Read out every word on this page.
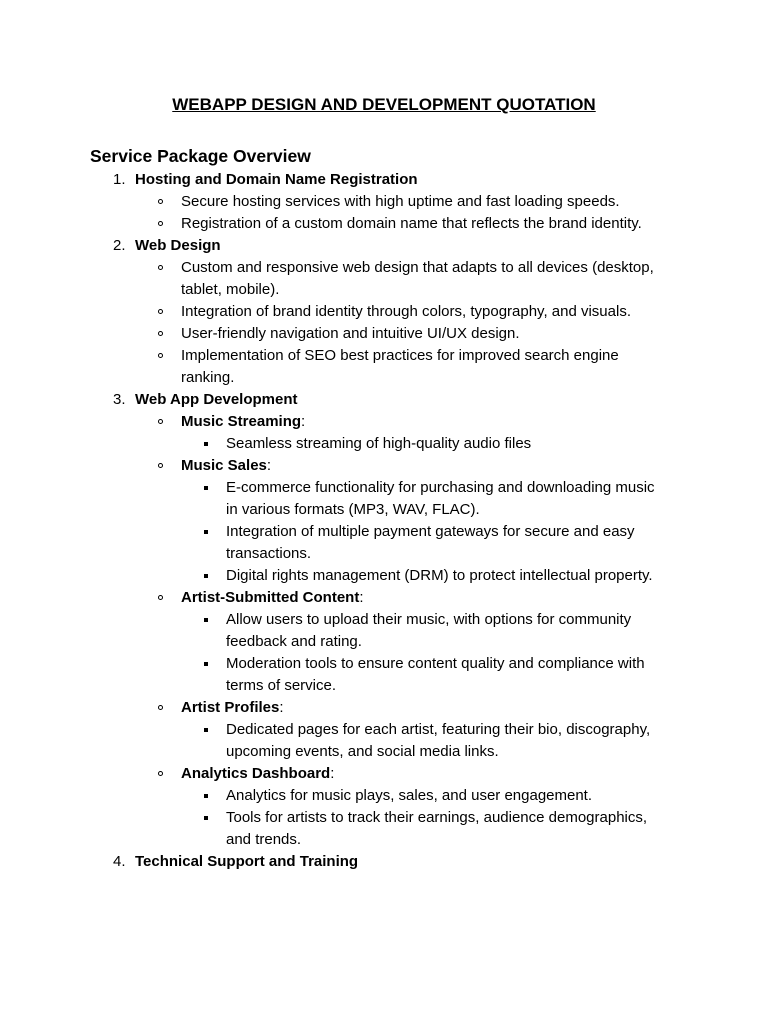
WEBAPP DESIGN AND DEVELOPMENT QUOTATION
Service Package Overview
1. Hosting and Domain Name Registration
Secure hosting services with high uptime and fast loading speeds.
Registration of a custom domain name that reflects the brand identity.
2. Web Design
Custom and responsive web design that adapts to all devices (desktop, tablet, mobile).
Integration of brand identity through colors, typography, and visuals.
User-friendly navigation and intuitive UI/UX design.
Implementation of SEO best practices for improved search engine ranking.
3. Web App Development
Music Streaming:
Seamless streaming of high-quality audio files
Music Sales:
E-commerce functionality for purchasing and downloading music in various formats (MP3, WAV, FLAC).
Integration of multiple payment gateways for secure and easy transactions.
Digital rights management (DRM) to protect intellectual property.
Artist-Submitted Content:
Allow users to upload their music, with options for community feedback and rating.
Moderation tools to ensure content quality and compliance with terms of service.
Artist Profiles:
Dedicated pages for each artist, featuring their bio, discography, upcoming events, and social media links.
Analytics Dashboard:
Analytics for music plays, sales, and user engagement.
Tools for artists to track their earnings, audience demographics, and trends.
4. Technical Support and Training
